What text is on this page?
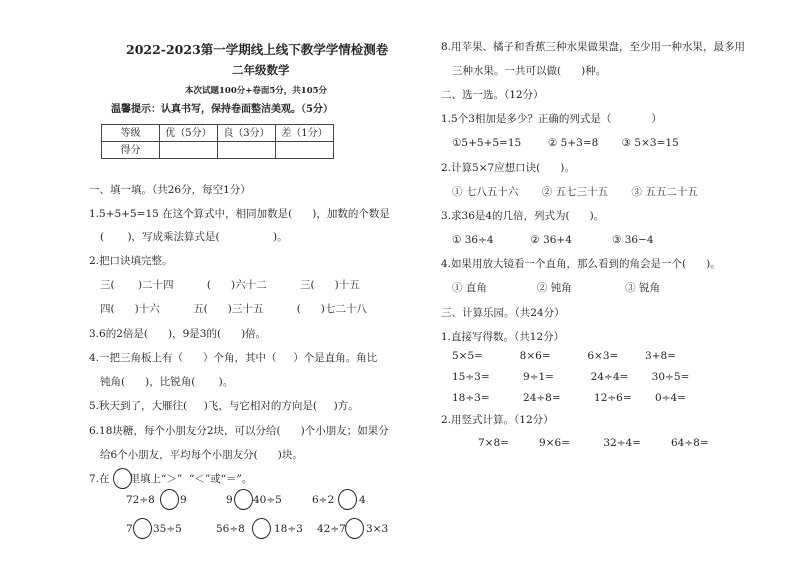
2022-2023第一学期线上线下教学学情检测卷
二年级数学
本次试题100分+卷面5分，共105分
温馨提示：认真书写，保持卷面整洁美观。（5分）
等级	优（5分）	良（3分）	差（1分）
得分			
一、填一填。（共26分，每空1分）
1.5+5+5=15 在这个算式中，相同加数是(      )，加数的个数是
(       )，写成乘法算式是(                )。
2.把口诀填完整。
三(       )二十四          (      )六十二          三(      )十五
四(      )十六          五(      )三十五          (      )七二十八
3.6的2倍是(      )，9是3的(      )倍。
4.一把三角板上有（      ）个角，其中（     ）个是直角。角比
钝角(      )，比锐角(       )。
5.秋天到了，大雁往(     )飞，与它相对的方向是(     )方。
6.18块糖，每个小朋友分2块，可以分给(      )个小朋友；如果分
给6个小朋友，平均每个小朋友分(      )块。
7.在      里填上“＞”  “＜”或“＝”。
72÷8 9	9 40÷5	6÷2 4
7 35÷5	56÷8	18÷3 42÷7 3×3
8.用苹果、橘子和香蕉三种水果做果盘，至少用一种水果，最多用
三种水果。一共可以做(      )种。
二、选一选。（12分）
1.5个3相加是多少？正确的列式是（            ）
①5+5+5=15        ② 5+3=8       ③ 5×3=15
2.计算5×7应想口诀(      )。
① 七八五十六       ② 五七三十五       ③ 五五二十五
3.求36是4的几倍，列式为(      )。
① 36÷4           ② 36+4            ③ 36−4
4.如果用放大镜看一个直角，那么看到的角会是一个(      )。
① 直角               ② 钝角                ③ 锐角
三、计算乐园。（共24分）
1.直接写得数。（共12分）
5×5=           8×6=           6×3=        3+8=
15÷3=          9÷1=           24÷4=       30÷5=
18÷3=          24÷8=          12÷6=       0÷4=
2.用竖式计算。（12分）
7×8=         9×6=          32÷4=         64÷8=
